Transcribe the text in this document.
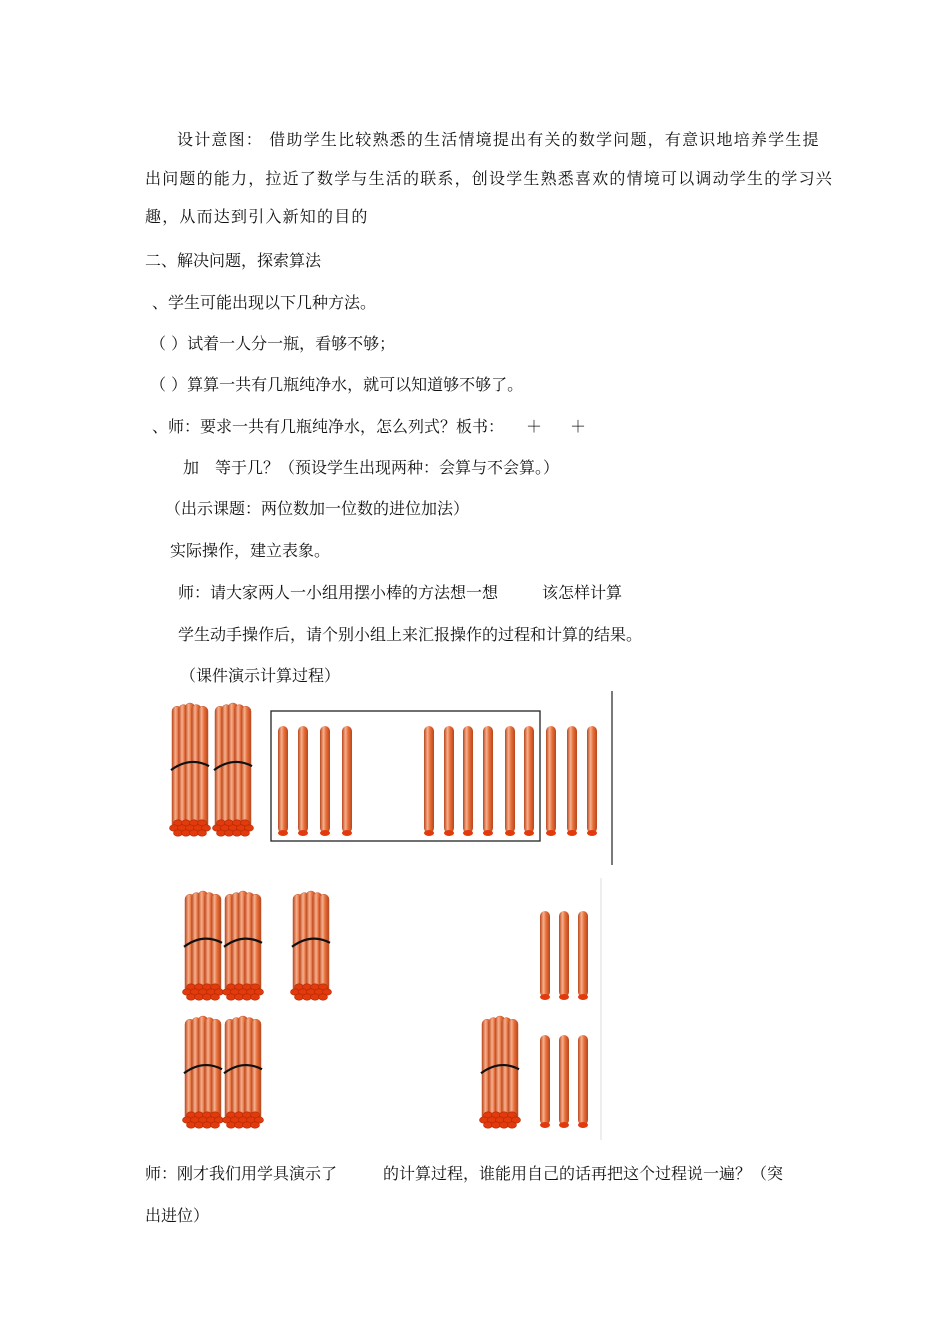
设计意图： 借助学生比较熟悉的生活情境提出有关的数学问题，有意识地培养学生提
出问题的能力，拉近了数学与生活的联系，创设学生熟悉喜欢的情境可以调动学生的学习兴
趣，从而达到引入新知的目的
二、解决问题，探索算法
、学生可能出现以下几种方法。
（ ）试着一人分一瓶，看够不够；
（ ）算算一共有几瓶纯净水，就可以知道够不够了。
、师：要求一共有几瓶纯净水，怎么列式？板书： ＋ ＋
加 等于几？（预设学生出现两种：会算与不会算。）
（出示课题：两位数加一位数的进位加法）
实际操作，建立表象。
师：请大家两人一小组用摆小棒的方法想一想	该怎样计算
学生动手操作后，请个别小组上来汇报操作的过程和计算的结果。
（课件演示计算过程）
师：刚才我们用学具演示了	的计算过程，谁能用自己的话再把这个过程说一遍？（突
出进位）
